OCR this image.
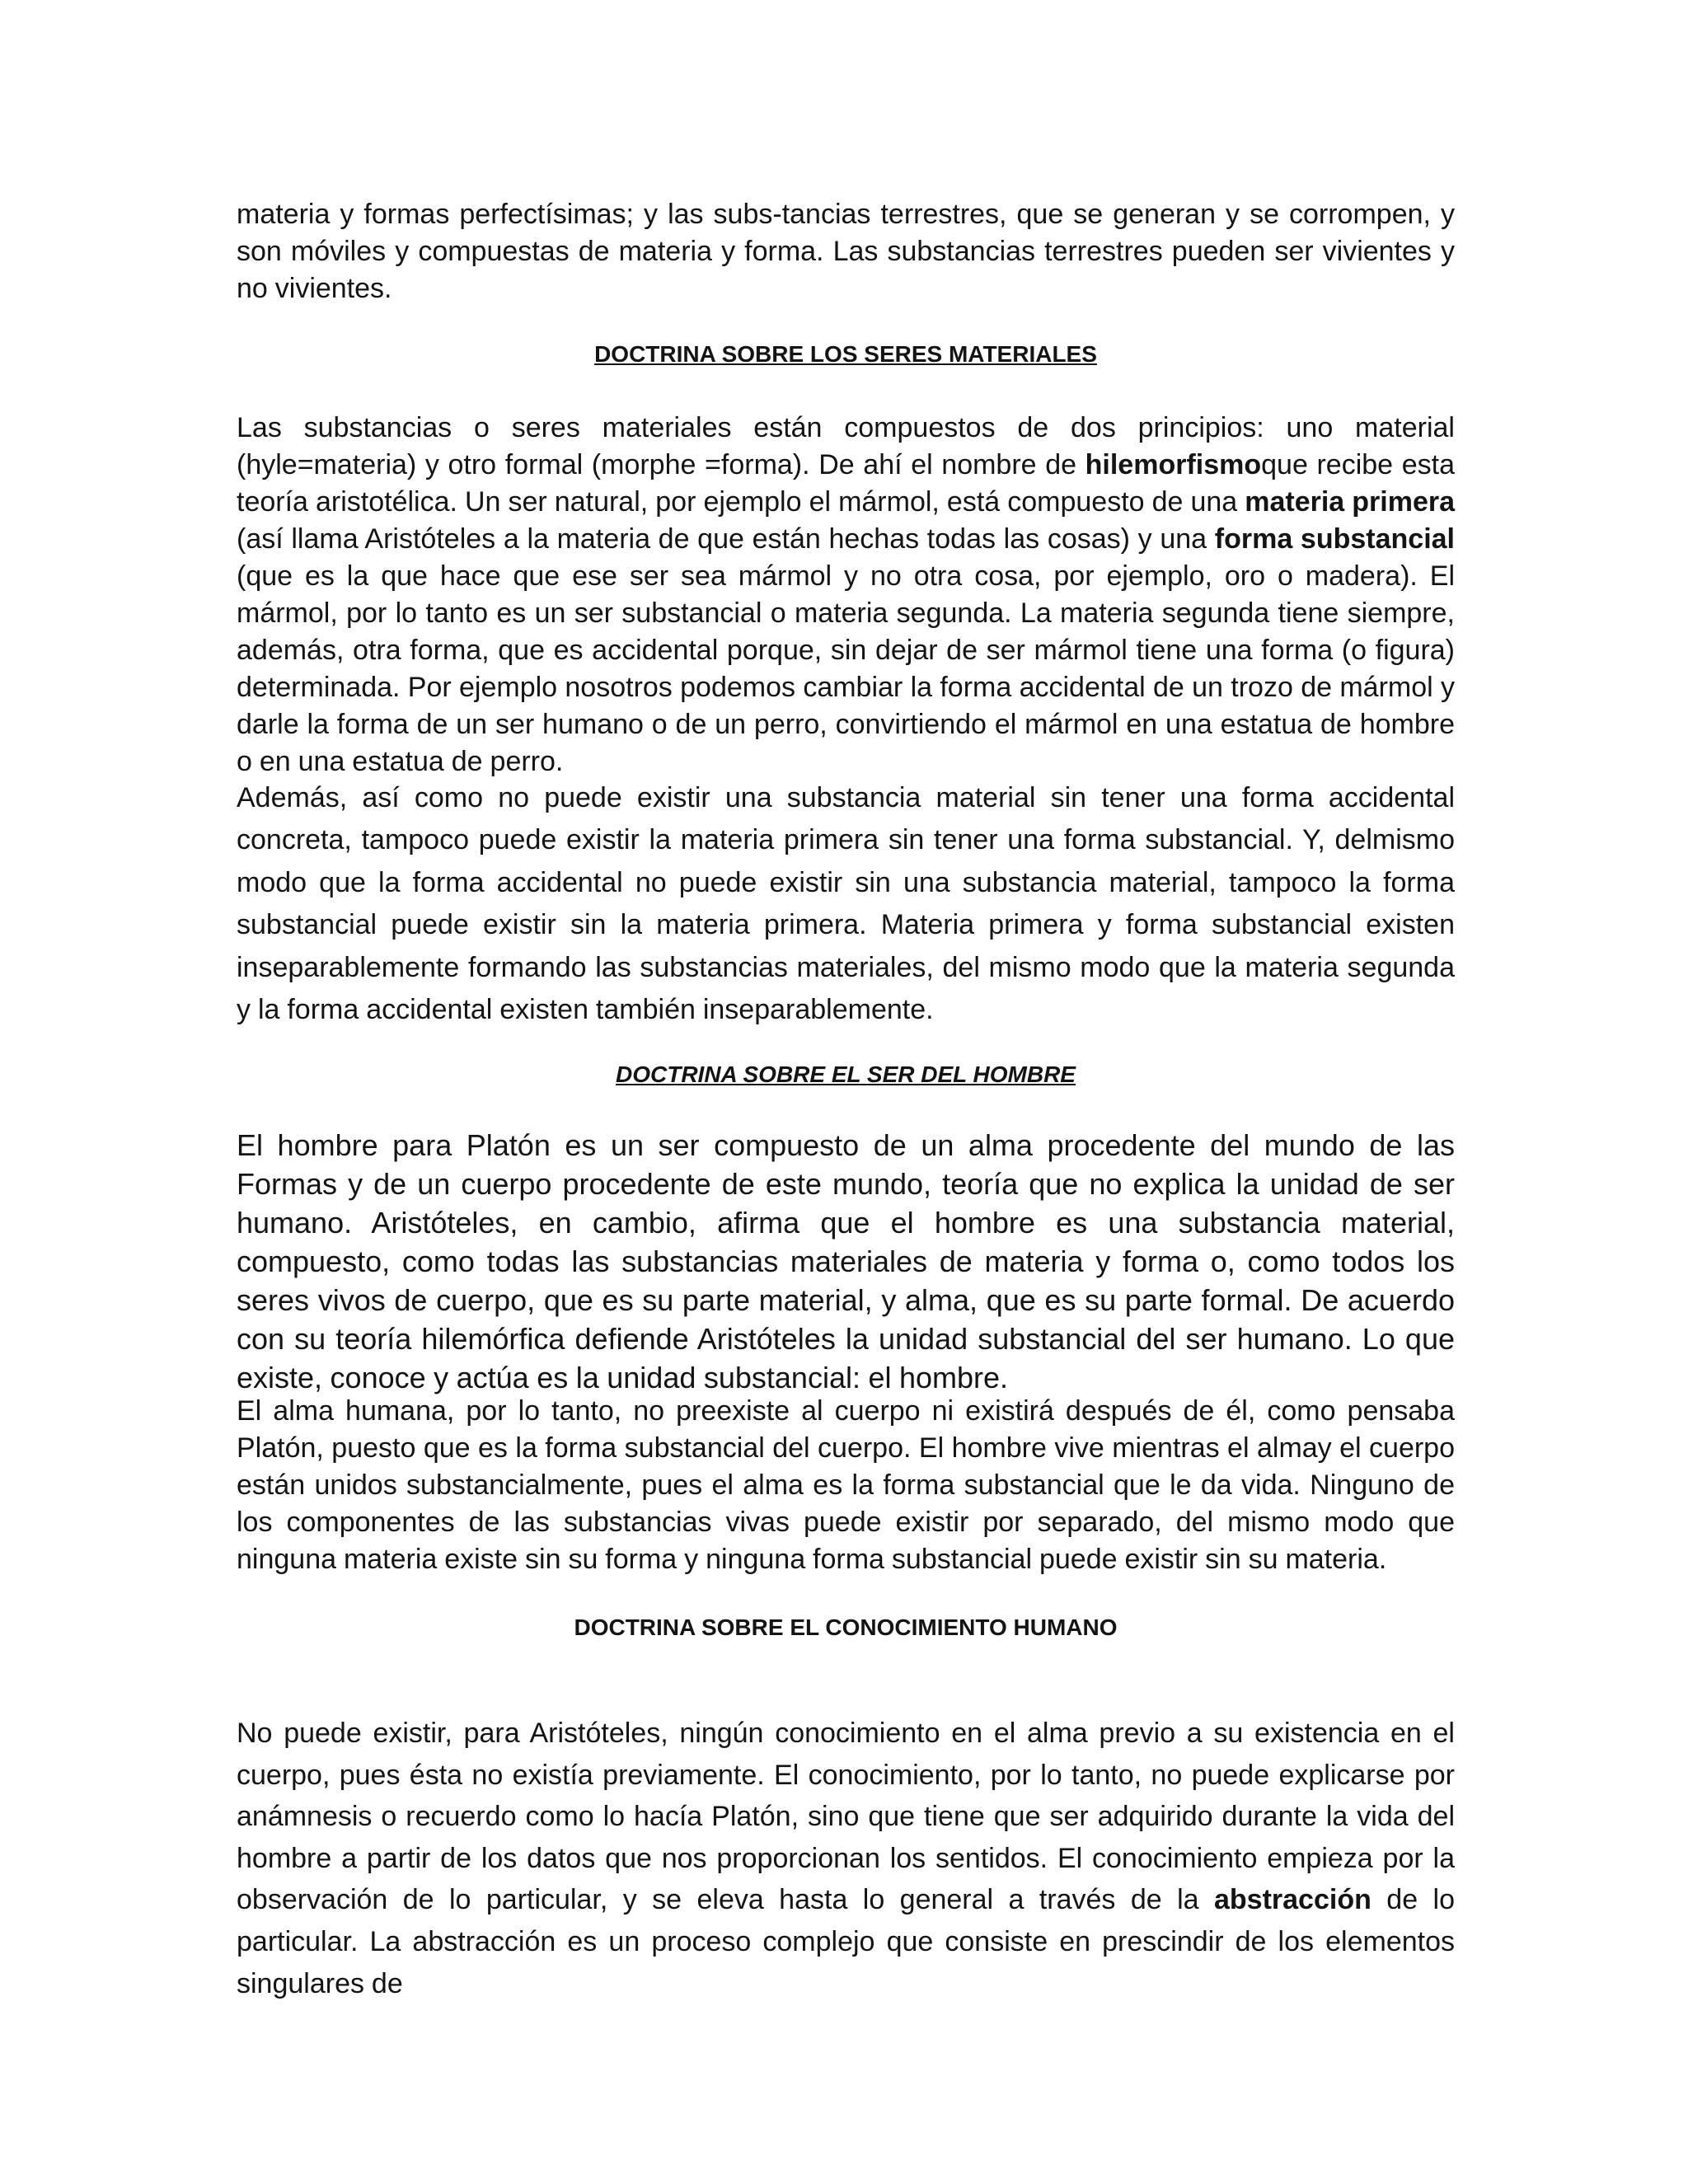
materia y formas perfectísimas; y las subs-tancias terrestres, que se generan y se corrompen, y son móviles y compuestas de materia y forma. Las substancias terrestres pueden ser vivientes y no vivientes.

DOCTRINA SOBRE LOS SERES MATERIALES

Las substancias o seres materiales están compuestos de dos principios: uno material (hyle=materia) y otro formal (morphe =forma). De ahí el nombre de hilemorfismoque recibe esta teoría aristotélica. Un ser natural, por ejemplo el mármol, está compuesto de una materia primera (así llama Aristóteles a la materia de que están hechas todas las cosas) y una forma substancial (que es la que hace que ese ser sea mármol y no otra cosa, por ejemplo, oro o madera). El mármol, por lo tanto es un ser substancial o materia segunda. La materia segunda tiene siempre, además, otra forma, que es accidental porque, sin dejar de ser mármol tiene una forma (o figura) determinada. Por ejemplo nosotros podemos cambiar la forma accidental de un trozo de mármol y darle la forma de un ser humano o de un perro, convirtiendo el mármol en una estatua de hombre o en una estatua de perro.

Además, así como no puede existir una substancia material sin tener una forma accidental concreta, tampoco puede existir la materia primera sin tener una forma substancial. Y, delmismo modo que la forma accidental no puede existir sin una substancia material, tampoco la forma substancial puede existir sin la materia primera. Materia primera y forma substancial existen inseparablemente formando las substancias materiales, del mismo modo que la materia segunda y la forma accidental existen también inseparablemente.

DOCTRINA SOBRE EL SER DEL HOMBRE

El hombre para Platón es un ser compuesto de un alma procedente del mundo de las Formas y de un cuerpo procedente de este mundo, teoría que no explica la unidad de ser humano. Aristóteles, en cambio, afirma que el hombre es una substancia material, compuesto, como todas las substancias materiales de materia y forma o, como todos los seres vivos de cuerpo, que es su parte material, y alma, que es su parte formal. De acuerdo con su teoría hilemórfica defiende Aristóteles la unidad substancial del ser humano. Lo que existe, conoce y actúa es la unidad substancial: el hombre.

El alma humana, por lo tanto, no preexiste al cuerpo ni existirá después de él, como pensaba Platón, puesto que es la forma substancial del cuerpo. El hombre vive mientras el almay el cuerpo están unidos substancialmente, pues el alma es la forma substancial que le da vida. Ninguno de los componentes de las substancias vivas puede existir por separado, del mismo modo que ninguna materia existe sin su forma y ninguna forma substancial puede existir sin su materia.

DOCTRINA SOBRE EL CONOCIMIENTO HUMANO

No puede existir, para Aristóteles, ningún conocimiento en el alma previo a su existencia en el cuerpo, pues ésta no existía previamente. El conocimiento, por lo tanto, no puede explicarse por anámnesis o recuerdo como lo hacía Platón, sino que tiene que ser adquirido durante la vida del hombre a partir de los datos que nos proporcionan los sentidos. El conocimiento empieza por la observación de lo particular, y se eleva hasta lo general a través de la abstracción de lo particular. La abstracción es un proceso complejo que consiste en prescindir de los elementos singulares de
